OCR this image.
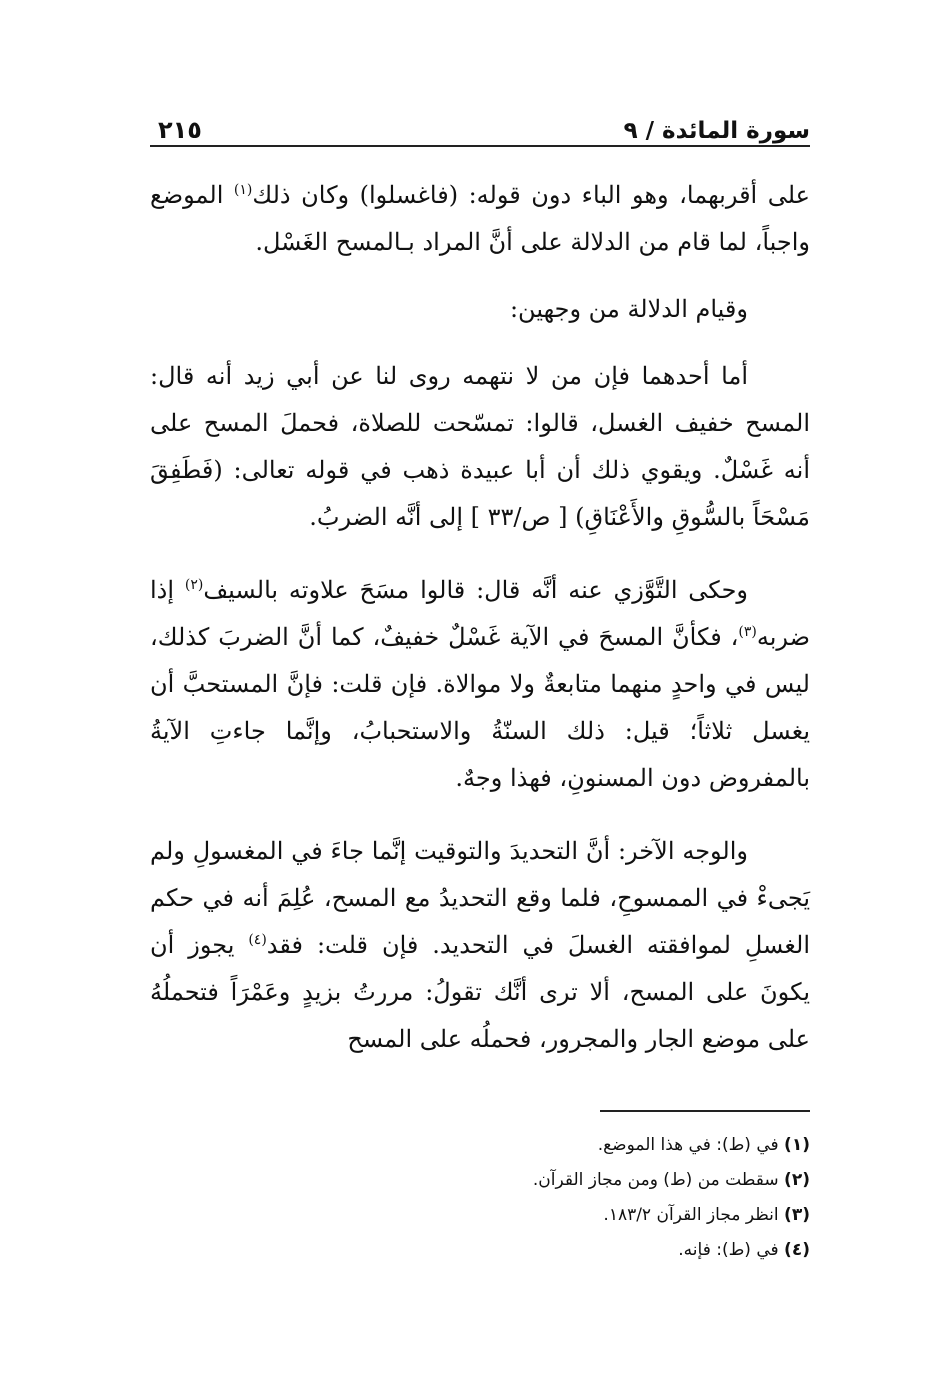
سورة المائدة / ٩
٢١٥

على أقربهما، وهو الباء دون قوله: (فاغسلوا) وكان ذلك$^{(١)}$ الموضع واجباً، لما قام من الدلالة على أنَّ المراد بـالمسح الغَسْل.

وقيام الدلالة من وجهين:

أما أحدهما فإن من لا نتهمه روى لنا عن أبي زيد أنه قال: المسح خفيف الغسل، قالوا: تمسّحت للصلاة، فحملَ المسح على أنه غَسْلٌ. ويقوي ذلك أن أبا عبيدة ذهب في قوله تعالى: (فَطَفِقَ مَسْحَاً بالسُّوقِ والأَعْنَاقِ) [ ص/٣٣ ] إلى أنَّه الضربُ.

وحكى التَّوَّزي عنه أنَّه قال: قالوا مسَحَ علاوته بالسيف$^{(٢)}$ إذا ضربه$^{(٣)}$، فكأنَّ المسحَ في الآية غَسْلٌ خفيفٌ، كما أنَّ الضربَ كذلك، ليس في واحدٍ منهما متابعةٌ ولا موالاة. فإن قلت: فإنَّ المستحبَّ أن يغسل ثلاثاً؛ قيل: ذلك السنّةُ والاستحبابُ، وإنَّما جاءتِ الآيةُ بالمفروض دون المسنونِ، فهذا وجهٌ.

والوجه الآخر: أنَّ التحديدَ والتوقيت إنَّما جاءَ في المغسولِ ولم يَجىءْ في الممسوحِ، فلما وقع التحديدُ مع المسح، عُلِمَ أنه في حكم الغسلِ لموافقته الغسلَ في التحديد. فإن قلت: فقد$^{(٤)}$ يجوز أن يكونَ على المسح، ألا ترى أنَّك تقولُ: مررتُ بزيدٍ وعَمْرَاً فتحملُهُ على موضع الجار والمجرور، فحملُه على المسح

(١) في (ط): في هذا الموضع.
(٢) سقطت من (ط) ومن مجاز القرآن.
(٣) انظر مجاز القرآن ١٨٣/٢.
(٤) في (ط): فإنه.
